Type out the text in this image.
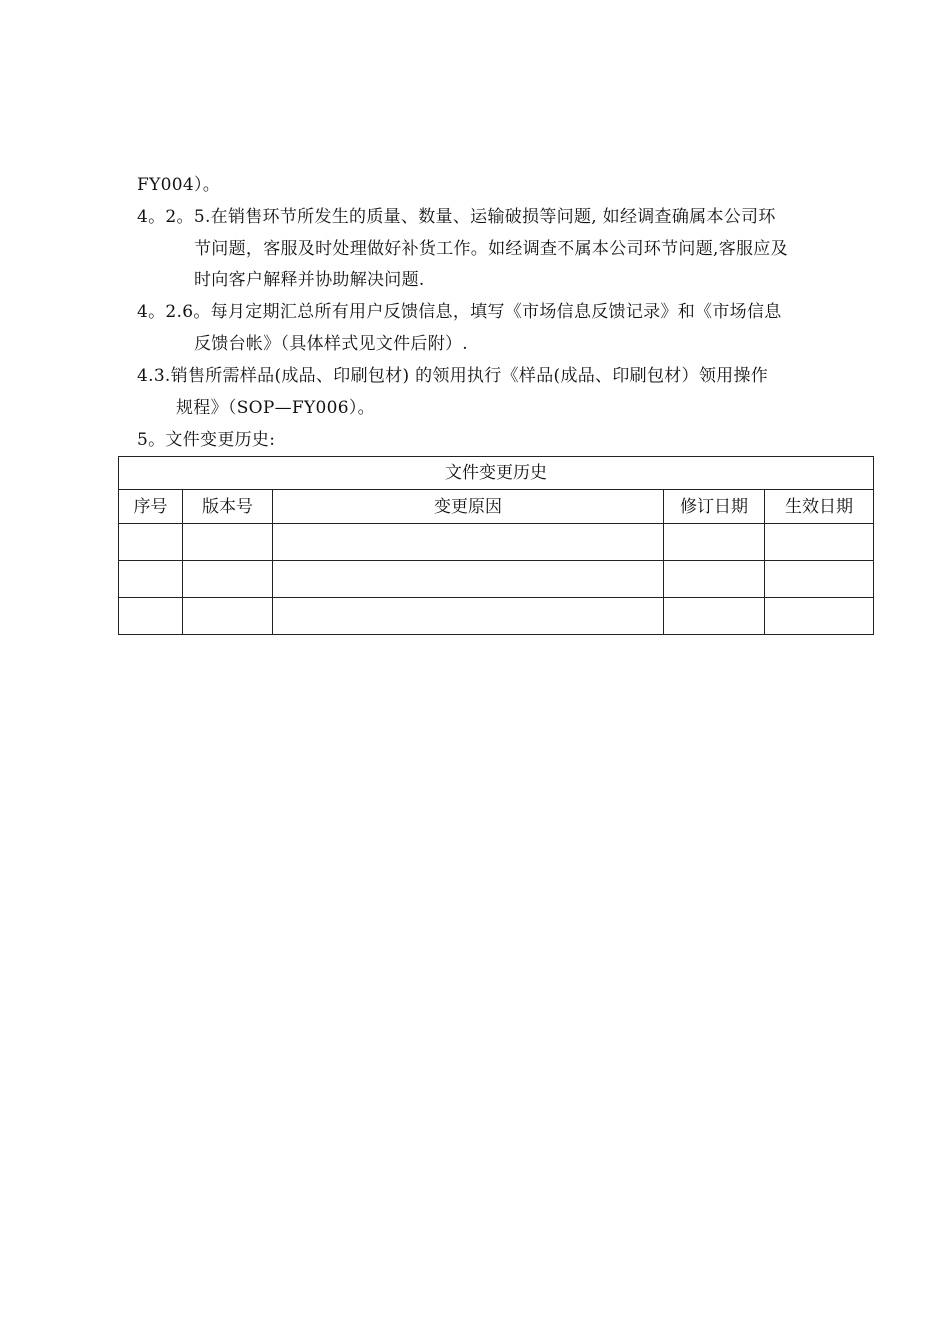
FY004）。
4。2。5.在销售环节所发生的质量、数量、运输破损等问题, 如经调查确属本公司环
节问题，客服及时处理做好补货工作。如经调查不属本公司环节问题,客服应及
时向客户解释并协助解决问题.
4。2.6。每月定期汇总所有用户反馈信息，填写《市场信息反馈记录》和《市场信息
反馈台帐》（具体样式见文件后附）.
4.3.销售所需样品(成品、印刷包材) 的领用执行《样品(成品、印刷包材）领用操作
规程》（SOP—FY006）。
5。文件变更历史:
文件变更历史				
序号	版本号	变更原因	修订日期	生效日期
